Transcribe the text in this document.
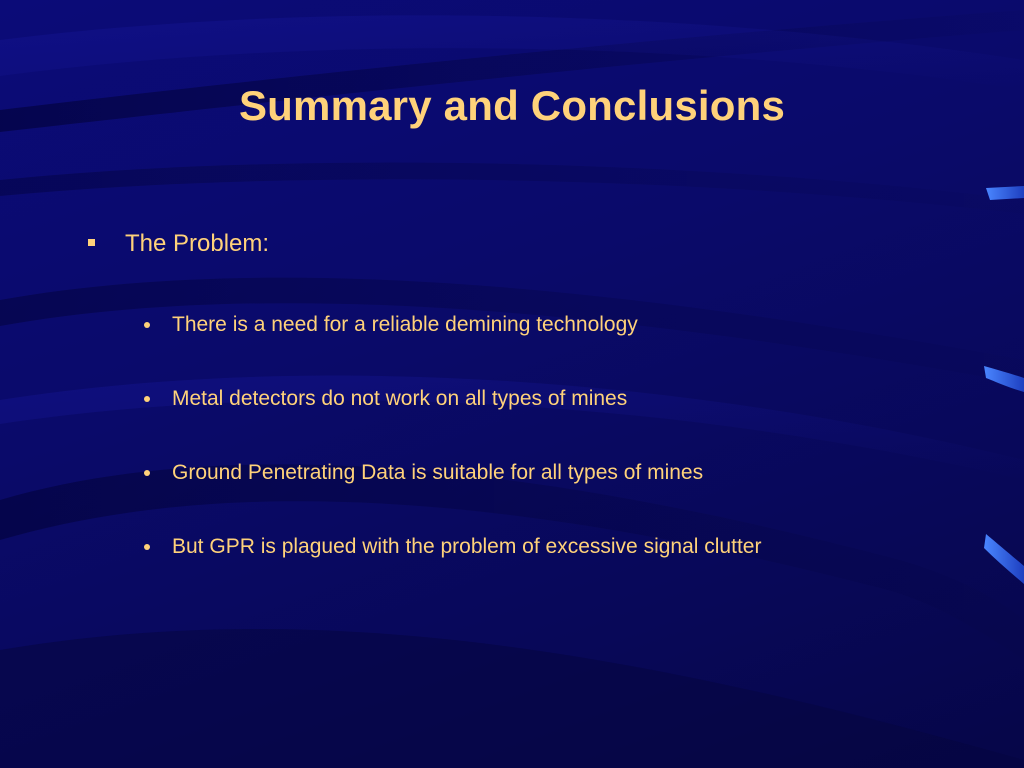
Summary and Conclusions
The Problem:
There is a need for a reliable demining technology
Metal detectors do not work on all types of mines
Ground Penetrating Data is suitable for all types of mines
But GPR is plagued with the problem of excessive signal clutter
